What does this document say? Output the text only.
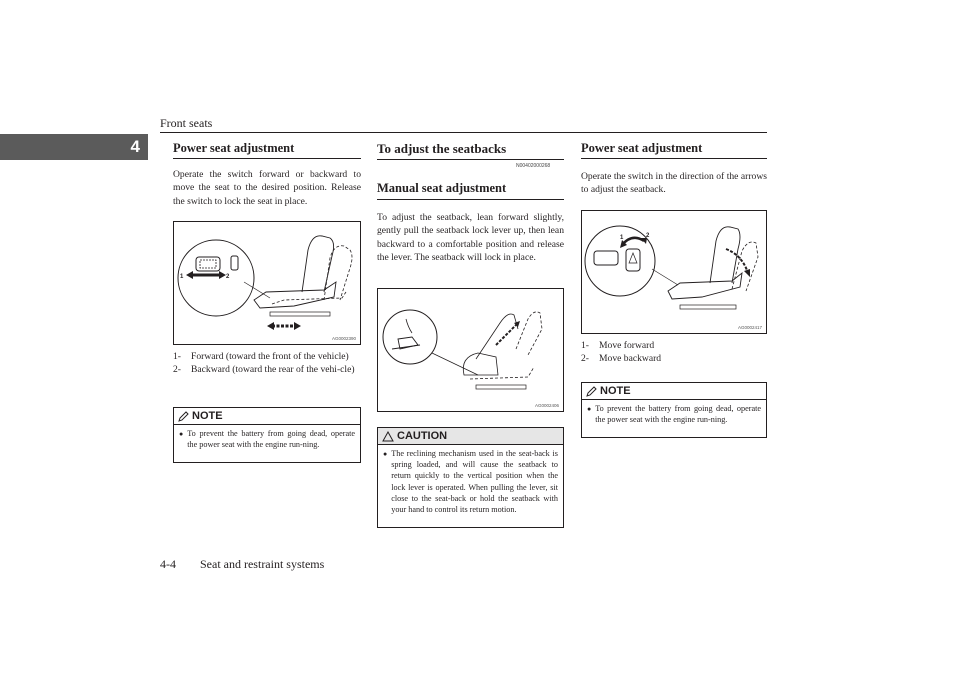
Front seats
4	Power seat adjustment
Operate the switch forward or backward to move the seat to the desired position. Release the switch to lock the seat in place.
1	2
AG0002390
1-	Forward (toward the front of the vehicle)
2-	Backward (toward the rear of the vehi-cle)
NOTE
● To prevent the battery from going dead, operate the power seat with the engine run-ning.
To adjust the seatbacks
N00402000268
Manual seat adjustment
To adjust the seatback, lean forward slightly, gently pull the seatback lock lever up, then lean backward to a comfortable position and release the lever. The seatback will lock in place.
AG0002406
CAUTION
● The reclining mechanism used in the seat-back is spring loaded, and will cause the seatback to return quickly to the vertical position when the lock lever is operated. When pulling the lever, sit close to the seat-back or hold the seatback with your hand to control its return motion.
Power seat adjustment
Operate the switch in the direction of the arrows to adjust the seatback.
1	2
AG0002417
1-	Move forward
2-	Move backward
NOTE
● To prevent the battery from going dead, operate the power seat with the engine run-ning.
4-4 Seat and restraint systems
